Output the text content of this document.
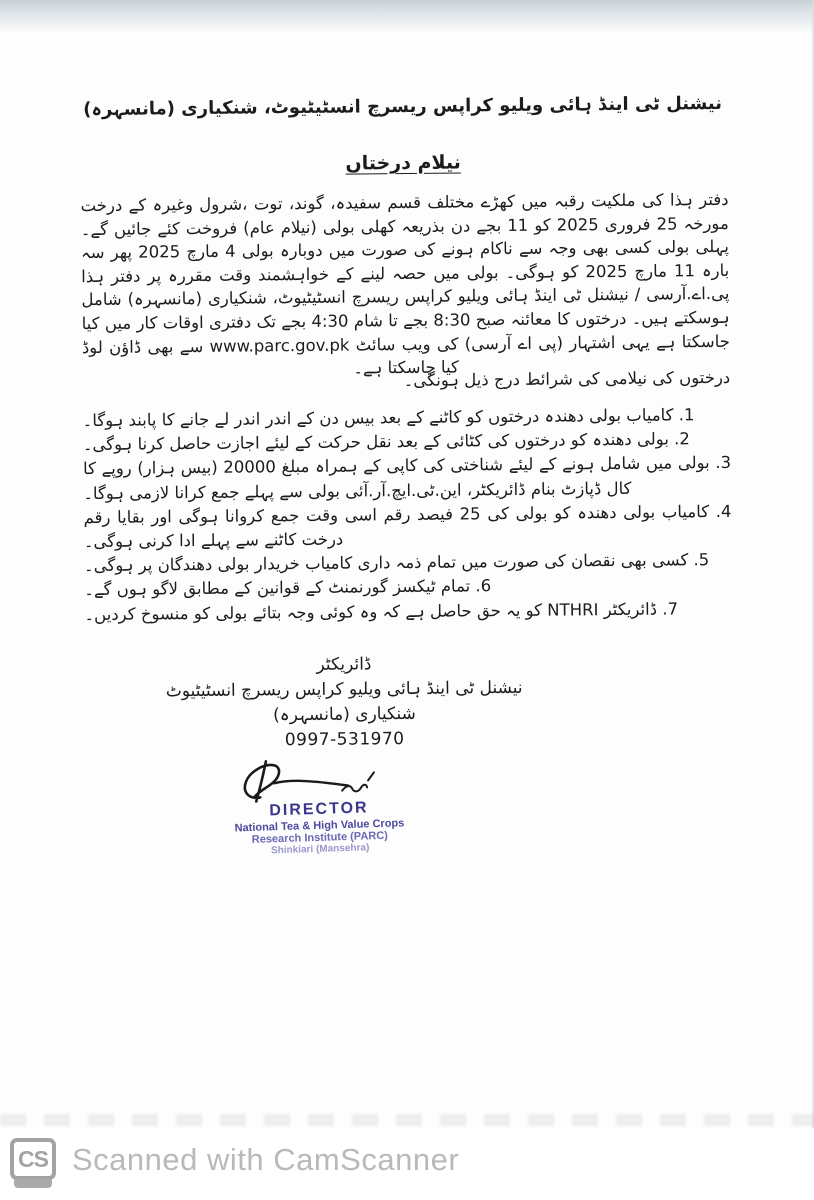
نیشنل ٹی اینڈ ہائی ویلیو کراپس ریسرچ انسٹیٹیوٹ، شنکیاری (مانسہرہ)
نیلام درختاں
دفتر ہذا کی ملکیت رقبہ میں کھڑے مختلف قسم سفیدہ، گوند، توت ،شرول وغیرہ کے درخت مورخہ 25 فروری 2025 کو 11 بجے دن بذریعہ کھلی بولی (نیلام عام) فروخت کئے جائیں گے۔ پہلی بولی کسی بھی وجہ سے ناکام ہونے کی صورت میں دوبارہ بولی 4 مارچ 2025 پھر سہ بارہ 11 مارچ 2025 کو ہوگی۔ بولی میں حصہ لینے کے خواہشمند وقت مقررہ پر دفتر ہذا پی.اے.آرسی / نیشنل ٹی اینڈ ہائی ویلیو کراپس ریسرچ انسٹیٹیوٹ، شنکیاری (مانسہرہ) شامل ہوسکتے ہیں۔ درختوں کا معائنہ صبح 8:30 بجے تا شام 4:30 بجے تک دفتری اوقات کار میں کیا جاسکتا ہے یہی اشتہار (پی اے آرسی) کی ویب سائٹ www.parc.gov.pk سے بھی ڈاؤن لوڈ کیا جاسکتا ہے۔
درختوں کی نیلامی کی شرائط درج ذیل ہونگی۔
1. کامیاب بولی دھندہ درختوں کو کاٹنے کے بعد بیس دن کے اندر اندر لے جانے کا پابند ہوگا۔
2. بولی دھندہ کو درختوں کی کٹائی کے بعد نقل حرکت کے لیئے اجازت حاصل کرنا ہوگی۔
3. بولی میں شامل ہونے کے لیئے شناختی کی کاپی کے ہمراہ مبلغ 20000 (بیس ہزار) روپے کا کال ڈپازٹ بنام ڈائریکٹر، این.ٹی.ایچ.آر.آئی بولی سے پہلے جمع کرانا لازمی ہوگا۔
4. کامیاب بولی دھندہ کو بولی کی 25 فیصد رقم اسی وقت جمع کروانا ہوگی اور بقایا رقم درخت کاٹنے سے پہلے ادا کرنی ہوگی۔
5. کسی بھی نقصان کی صورت میں تمام ذمہ داری کامیاب خریدار بولی دھندگان پر ہوگی۔
6. تمام ٹیکسز گورنمنٹ کے قوانین کے مطابق لاگو ہوں گے۔
7. ڈائریکٹر NTHRI کو یہ حق حاصل ہے کہ وہ کوئی وجہ بتائے بولی کو منسوخ کردیں۔
ڈائریکٹر
نیشنل ٹی اینڈ ہائی ویلیو کراپس ریسرچ انسٹیٹیوٹ
شنکیاری (مانسہرہ)
0997-531970
DIRECTOR
National Tea & High Value Crops
Research Institute (PARC)
Shinkiari (Mansehra)
CS Scanned with CamScanner
